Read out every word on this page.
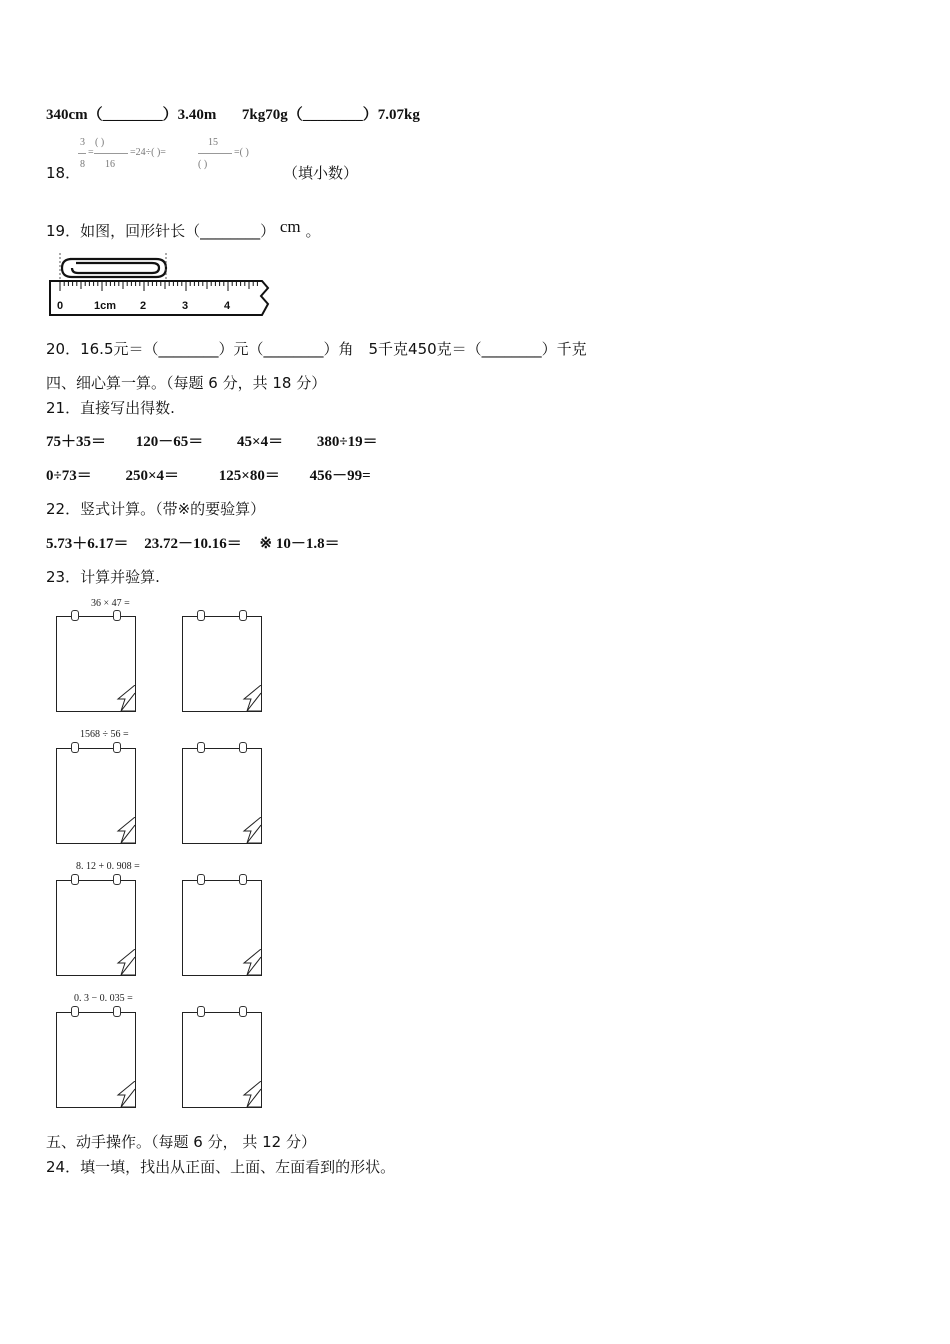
340cm（________）3.40m 7kg70g（________）7.07kg
18．
3
8
=
( )
16
=24÷( )=
15
( )
=( )
（填小数）
19．如图，回形针长（________） cm 。
0	1cm 2	3	4
20．16.5元＝（________）元（________）角　5千克450克＝（________）千克
四、细心算一算。（每题 6 分，共 18 分）
21．直接写出得数.
75＋35＝ 120－65＝ 45×4＝ 380÷19＝
0÷73＝ 250×4＝	125×80＝ 456－99=
22．竖式计算。（带※的要验算）
5.73＋6.17＝ 23.72－10.16＝ ※ 10－1.8＝
23．计算并验算.
36 × 47 =
1568 ÷ 56 =
8. 12 + 0. 908 =
0. 3 − 0. 035 =
五、动手操作。（每题 6 分， 共 12 分）
24．填一填，找出从正面、上面、左面看到的形状。
